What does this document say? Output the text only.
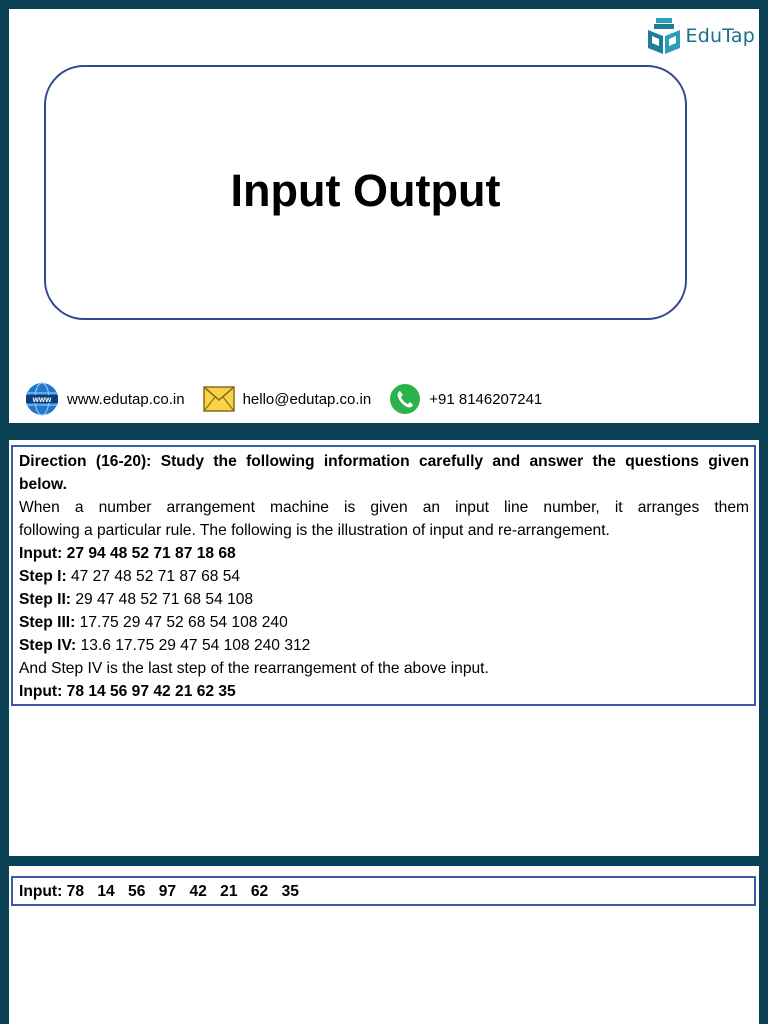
EduTap
Input Output
www www.edutap.co.in	hello@edutap.co.in	+91 8146207241
Direction (16-20): Study the following information carefully and answer the questions given
below.
When a number arrangement machine is given an input line number, it arranges them
following a particular rule. The following is the illustration of input and re-arrangement.
Input: 27 94 48 52 71 87 18 68
Step I: 47 27 48 52 71 87 68 54
Step II: 29 47 48 52 71 68 54 108
Step III: 17.75 29 47 52 68 54 108 240
Step IV: 13.6 17.75 29 47 54 108 240 312
And Step IV is the last step of the rearrangement of the above input.
Input: 78 14 56 97 42 21 62 35
Input: 78 14 56 97 42 21 62 35
